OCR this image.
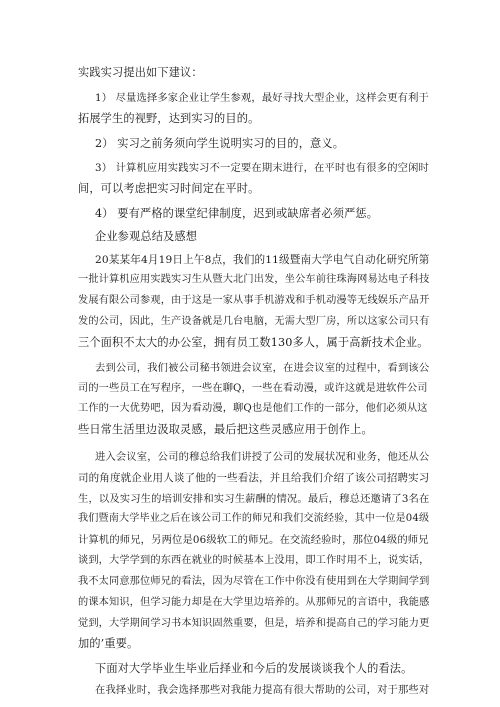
实践实习提出如下建议：
1） 尽量选择多家企业让学生参观，最好寻找大型企业，这样会更有利于
拓展学生的视野，达到实习的目的。
2） 实习之前务须向学生说明实习的目的，意义。
3） 计算机应用实践实习不一定要在期末进行，在平时也有很多的空闲时
间，可以考虑把实习时间定在平时。
4） 要有严格的课堂纪律制度，迟到或缺席者必须严惩。
企业参观总结及感想
20某某年4月19日上午8点，我们的11级暨南大学电气自动化研究所第
一批计算机应用实践实习生从暨大北门出发，坐公车前往珠海网易达电子科技
发展有限公司参观，由于这是一家从事手机游戏和手机动漫等无线娱乐产品开
发的公司，因此，生产设备就是几台电脑，无需大型厂房，所以这家公司只有
三个面积不太大的办公室，拥有员工数130多人，属于高新技术企业。
去到公司，我们被公司秘书领进会议室，在进会议室的过程中，看到该公
司的一些员工在写程序，一些在聊Q，一些在看动漫，或许这就是进软件公司
工作的一大优势吧，因为看动漫，聊Q也是他们工作的一部分，他们必须从这
些日常生活里边汲取灵感，最后把这些灵感应用于创作上。
进入会议室，公司的穆总给我们讲授了公司的发展状况和业务，他还从公
司的角度就企业用人谈了他的一些看法，并且给我们介绍了该公司招聘实习
生，以及实习生的培训安排和实习生薪酬的情况。最后，穆总还邀请了3名在
我们暨南大学毕业之后在该公司工作的师兄和我们交流经验，其中一位是04级
计算机的师兄，另两位是06级软工的师兄。在交流经验时，那位04级的师兄
谈到，大学学到的东西在就业的时候基本上没用，即工作时用不上，说实话，
我不太同意那位师兄的看法，因为尽管在工作中你没有使用到在大学期间学到
的课本知识，但学习能力却是在大学里边培养的。从那师兄的言语中，我能感
觉到，大学期间学习书本知识固然重要，但是，培养和提高自己的学习能力更
加的’重要。
下面对大学毕业生毕业后择业和今后的发展谈谈我个人的看法。
在我择业时，我会选择那些对我能力提高有很大帮助的公司，对于那些对
